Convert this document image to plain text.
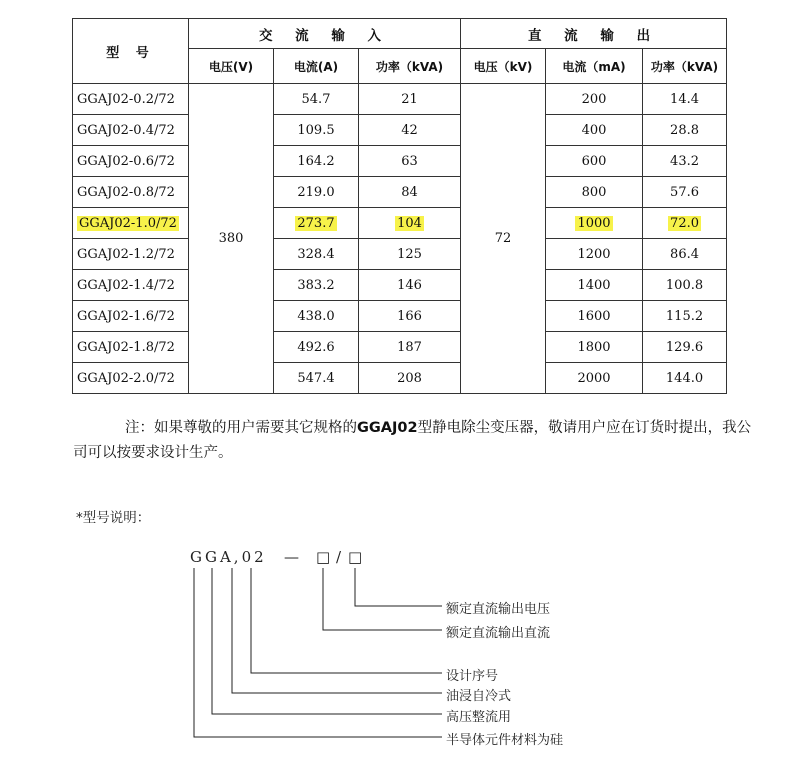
型 号	交 流 输 入			直 流 输 出		
	电压(V)	电流(A)	功率（kVA)	电压（kV)	电流（mA)	功率（kVA)
GGAJ02-0.2/72	380	54.7	21	72	200	14.4
GGAJ02-0.4/72		109.5	42		400	28.8
GGAJ02-0.6/72		164.2	63		600	43.2
GGAJ02-0.8/72		219.0	84		800	57.6
GGAJ02-1.0/72		273.7	104		1000	72.0
GGAJ02-1.2/72		328.4	125		1200	86.4
GGAJ02-1.4/72		383.2	146		1400	100.8
GGAJ02-1.6/72		438.0	166		1600	115.2
GGAJ02-1.8/72		492.6	187		1800	129.6
GGAJ02-2.0/72		547.4	208		2000	144.0
注：如果尊敬的用户需要其它规格的GGAJ02型静电除尘变压器，敬请用户应在订货时提出，我公司可以按要求设计生产。
*型号说明：
GGA,02 — □ / □
额定直流输出电压
额定直流输出直流
设计序号
油浸自冷式
高压整流用
半导体元件材料为硅
